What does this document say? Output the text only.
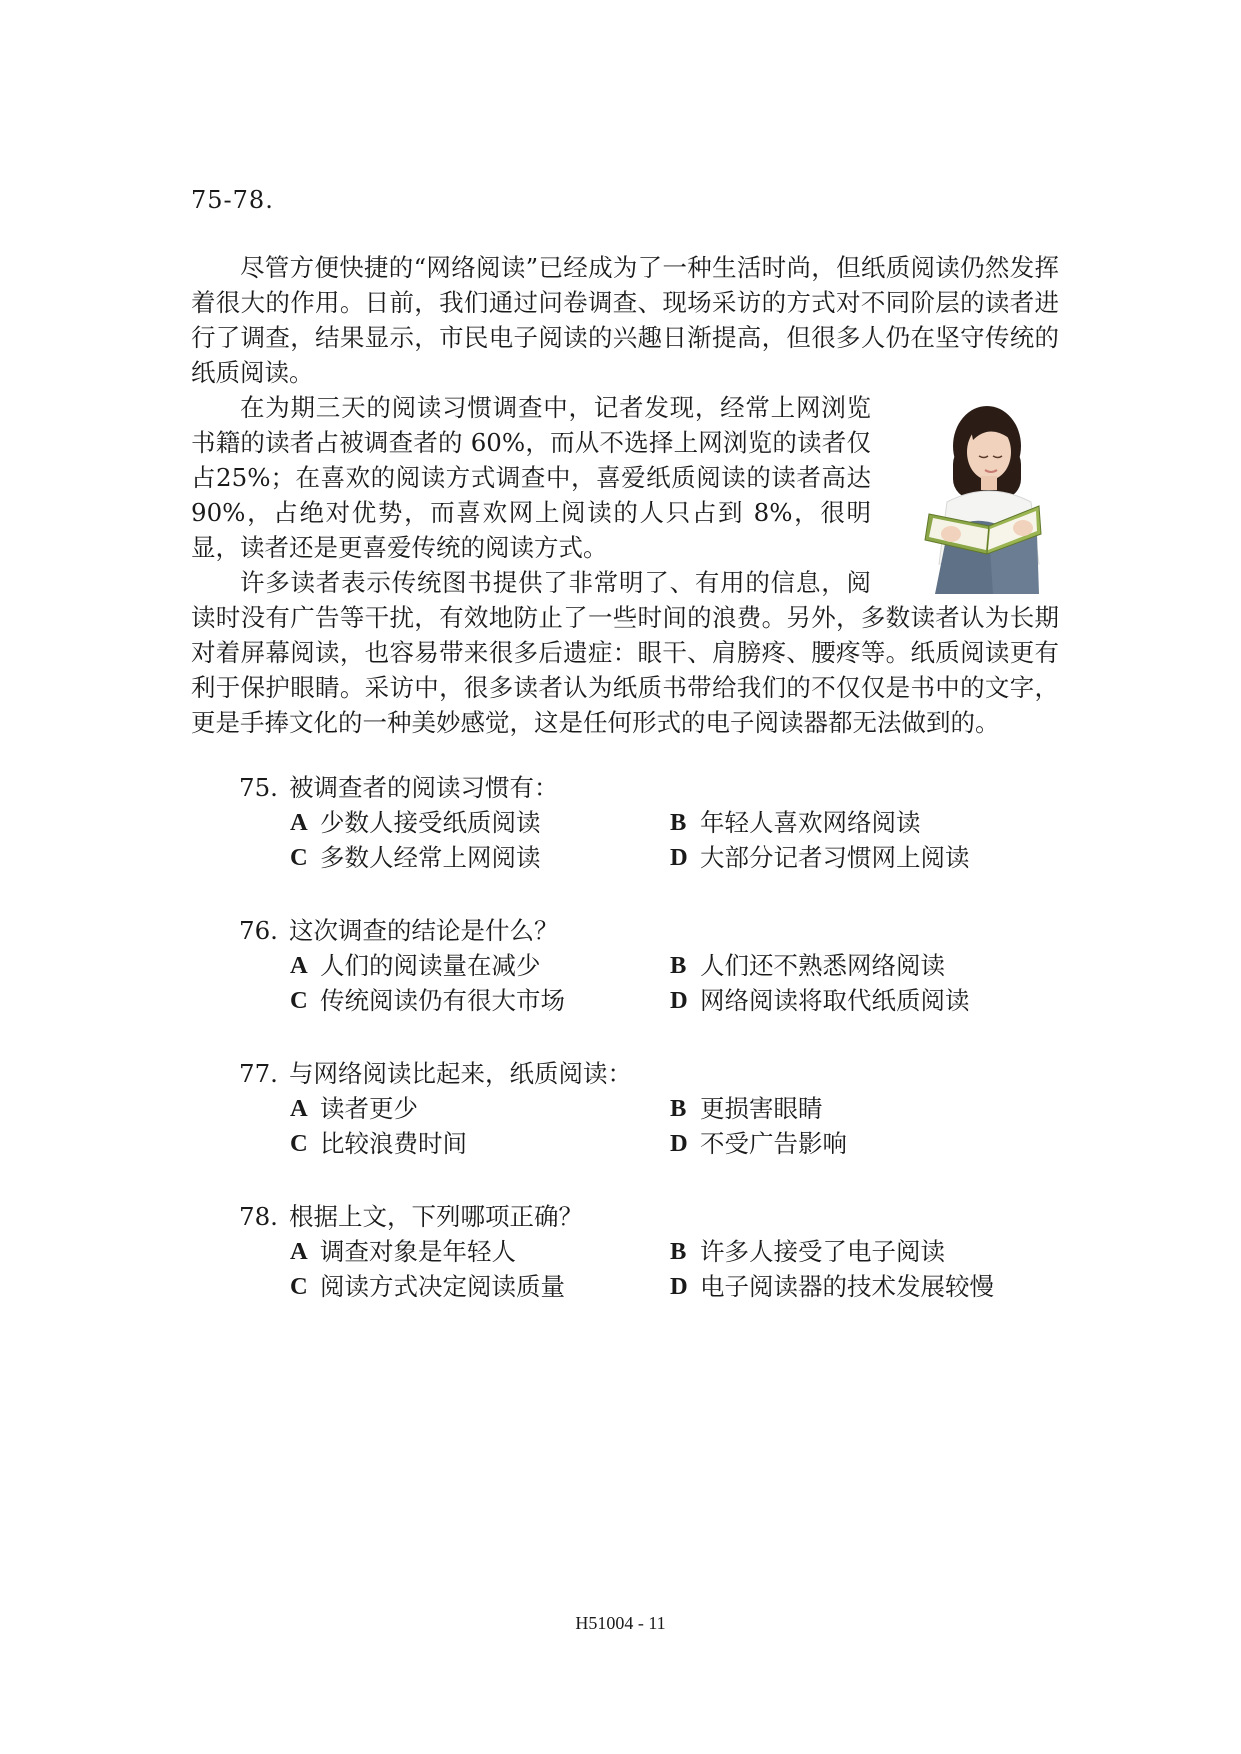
75-78.

尽管方便快捷的“网络阅读”已经成为了一种生活时尚，但纸质阅读仍然发挥着很大的作用。日前，我们通过问卷调查、现场采访的方式对不同阶层的读者进行了调查，结果显示，市民电子阅读的兴趣日渐提高，但很多人仍在坚守传统的纸质阅读。

在为期三天的阅读习惯调查中，记者发现，经常上网浏览书籍的读者占被调查者的 60%，而从不选择上网浏览的读者仅占25%；在喜欢的阅读方式调查中，喜爱纸质阅读的读者高达 90%，占绝对优势，而喜欢网上阅读的人只占到 8%，很明显，读者还是更喜爱传统的阅读方式。

许多读者表示传统图书提供了非常明了、有用的信息，阅读时没有广告等干扰，有效地防止了一些时间的浪费。另外，多数读者认为长期对着屏幕阅读，也容易带来很多后遗症：眼干、肩膀疼、腰疼等。纸质阅读更有利于保护眼睛。采访中，很多读者认为纸质书带给我们的不仅仅是书中的文字，更是手捧文化的一种美妙感觉，这是任何形式的电子阅读器都无法做到的。

75. 被调查者的阅读习惯有：
A 少数人接受纸质阅读	B 年轻人喜欢网络阅读
C 多数人经常上网阅读	D 大部分记者习惯网上阅读
76. 这次调查的结论是什么？
A 人们的阅读量在减少	B 人们还不熟悉网络阅读
C 传统阅读仍有很大市场	D 网络阅读将取代纸质阅读
77. 与网络阅读比起来，纸质阅读：
A 读者更少	B 更损害眼睛
C 比较浪费时间	D 不受广告影响
78. 根据上文，下列哪项正确？
A 调查对象是年轻人	B 许多人接受了电子阅读
C 阅读方式决定阅读质量	D 电子阅读器的技术发展较慢
H51004 - 11
